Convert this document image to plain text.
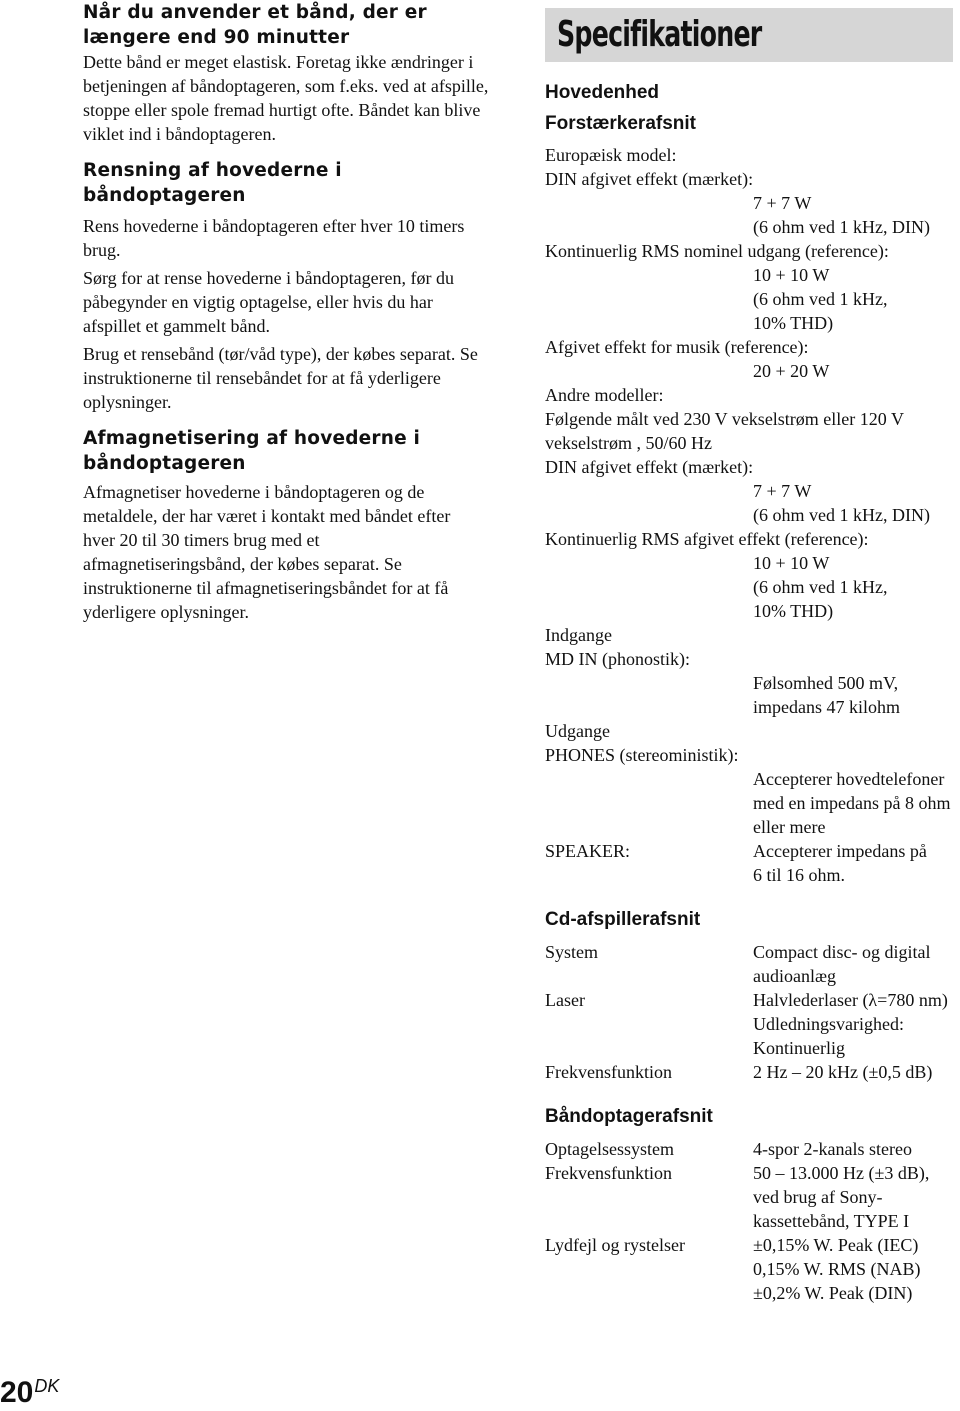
Når du anvender et bånd, der er længere end 90 minutter

Dette bånd er meget elastisk. Foretag ikke ændringer i betjeningen af båndoptageren, som f.eks. ved at afspille, stoppe eller spole fremad hurtigt ofte. Båndet kan blive viklet ind i båndoptageren.

Rensning af hovederne i båndoptageren

Rens hovederne i båndoptageren efter hver 10 timers brug.

Sørg for at rense hovederne i båndoptageren, før du påbegynder en vigtig optagelse, eller hvis du har afspillet et gammelt bånd.

Brug et rensebånd (tør/våd type), der købes separat. Se instruktionerne til rensebåndet for at få yderligere oplysninger.

Afmagnetisering af hovederne i båndoptageren

Afmagnetiser hovederne i båndoptageren og de metaldele, der har været i kontakt med båndet efter hver 20 til 30 timers brug med et afmagnetiseringsbånd, der købes separat. Se instruktionerne til afmagnetiseringsbåndet for at få yderligere oplysninger.

Specifikationer
Hovedenhed
Forstærkerafsnit
Europæisk model:
DIN afgivet effekt (mærket):
7 + 7 W
(6 ohm ved 1 kHz, DIN)
Kontinuerlig RMS nominel udgang (reference):
10 + 10 W
(6 ohm ved 1 kHz,
10% THD)
Afgivet effekt for musik (reference):
20 + 20 W
Andre modeller:
Følgende målt ved 230 V vekselstrøm eller 120 V
vekselstrøm , 50/60 Hz
DIN afgivet effekt (mærket):
7 + 7 W
(6 ohm ved 1 kHz, DIN)
Kontinuerlig RMS afgivet effekt (reference):
10 + 10 W
(6 ohm ved 1 kHz,
10% THD)
Indgange
MD IN (phonostik):
Følsomhed 500 mV,
impedans 47 kilohm
Udgange
PHONES (stereoministik):
Accepterer hovedtelefoner
med en impedans på 8 ohm
eller mere
SPEAKER:	Accepterer impedans på
6 til 16 ohm.
Cd-afspillerafsnit
System	Compact disc- og digital
audioanlæg
Laser	Halvlederlaser (λ=780 nm)
Udledningsvarighed:
Kontinuerlig
Frekvensfunktion	2 Hz – 20 kHz (±0,5 dB)
Båndoptagerafsnit
Optagelsessystem	4-spor 2-kanals stereo
Frekvensfunktion	50 – 13.000 Hz (±3 dB),
ved brug af Sony-
kassettebånd, TYPE I
Lydfejl og rystelser	±0,15% W. Peak (IEC)
0,15% W. RMS (NAB)
±0,2% W. Peak (DIN)
$20^{DK}$
